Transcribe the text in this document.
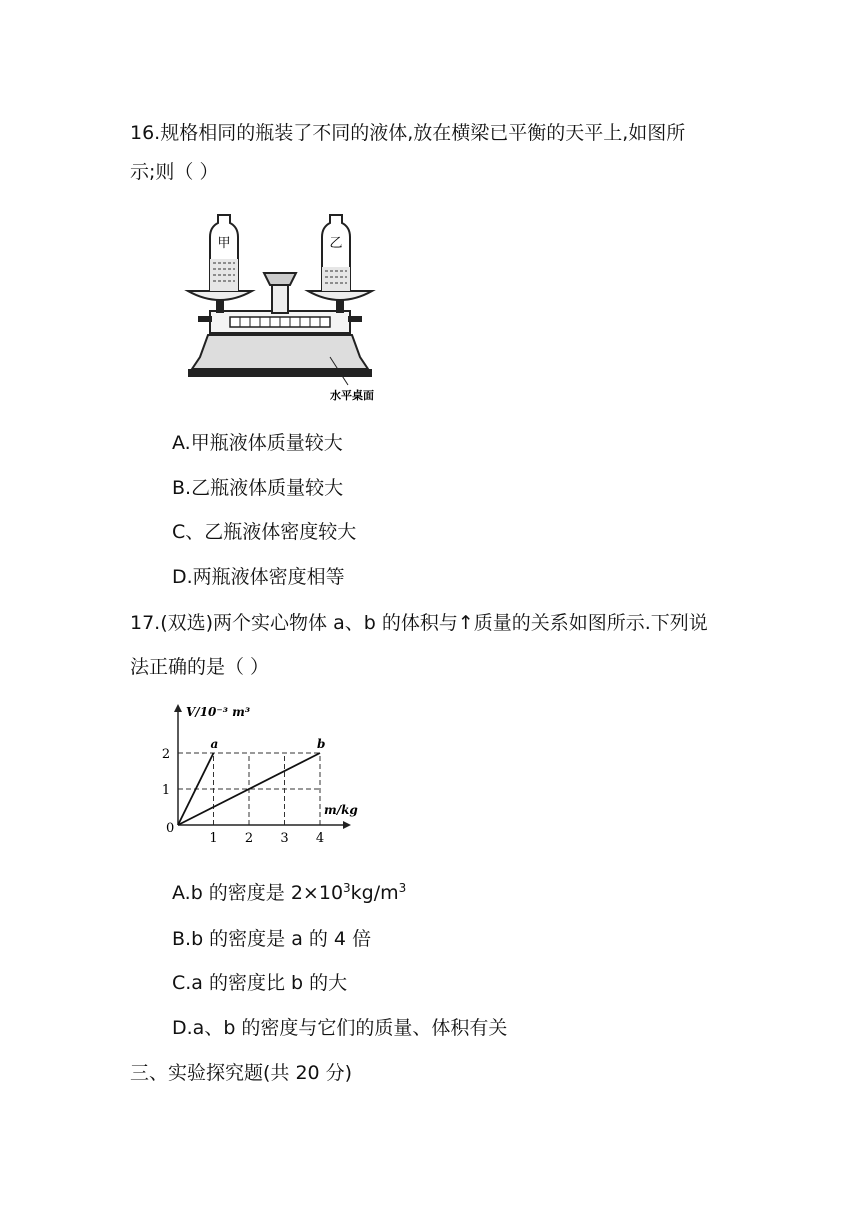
16.规格相同的瓶装了不同的液体,放在横梁已平衡的天平上,如图所
示;则（ ）
甲	乙
水平桌面
A.甲瓶液体质量较大
B.乙瓶液体质量较大
C、乙瓶液体密度较大
D.两瓶液体密度相等
17.(双选)两个实心物体 a、b 的体积与↑质量的关系如图所示.下列说
法正确的是（ ）
a	b
1 2 3 4
1
2
V/10⁻³ m³
m/kg
0
A.b 的密度是 $2\times 10^3kg/m^3$
B.b 的密度是 a 的 4 倍
C.a 的密度比 b 的大
D.a、b 的密度与它们的质量、体积有关
三、实验探究题(共 20 分)
